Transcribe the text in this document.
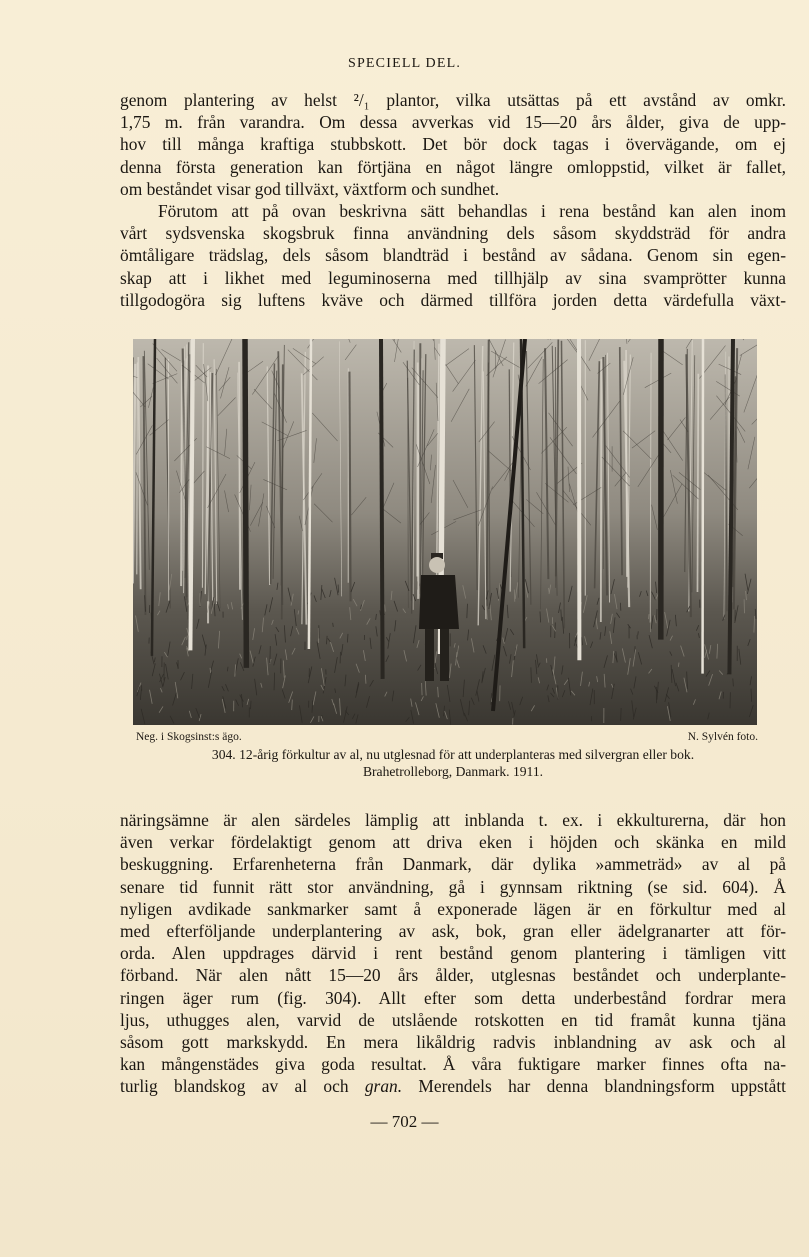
SPECIELL DEL.
genom plantering av helst ²/₁ plantor, vilka utsättas på ett avstånd av omkr.
1,75 m. från varandra. Om dessa avverkas vid 15—20 års ålder, giva de upp-
hov till många kraftiga stubbskott. Det bör dock tagas i övervägande, om ej
denna första generation kan förtjäna en något längre omloppstid, vilket är fallet,
om beståndet visar god tillväxt, växtform och sundhet.
Förutom att på ovan beskrivna sätt behandlas i rena bestånd kan alen inom
vårt sydsvenska skogsbruk finna användning dels såsom skyddsträd för andra
ömtåligare trädslag, dels såsom blandträd i bestånd av sådana. Genom sin egen-
skap att i likhet med leguminoserna med tillhjälp av sina svamprötter kunna
tillgodogöra sig luftens kväve och därmed tillföra jorden detta värdefulla växt-
Neg. i Skogsinst:s ägo.	N. Sylvén foto.
304. 12-årig förkultur av al, nu utglesnad för att underplanteras med silvergran eller bok.
Brahetrolleborg, Danmark. 1911.
näringsämne är alen särdeles lämplig att inblanda t. ex. i ekkulturerna, där hon
även verkar fördelaktigt genom att driva eken i höjden och skänka en mild
beskuggning. Erfarenheterna från Danmark, där dylika »ammeträd» av al på
senare tid funnit rätt stor användning, gå i gynnsam riktning (se sid. 604). Å
nyligen avdikade sankmarker samt å exponerade lägen är en förkultur med al
med efterföljande underplantering av ask, bok, gran eller ädelgranarter att för-
orda. Alen uppdrages därvid i rent bestånd genom plantering i tämligen vitt
förband. När alen nått 15—20 års ålder, utglesnas beståndet och underplante-
ringen äger rum (fig. 304). Allt efter som detta underbestånd fordrar mera
ljus, uthugges alen, varvid de utslående rotskotten en tid framåt kunna tjäna
såsom gott markskydd. En mera likåldrig radvis inblandning av ask och al
kan mångenstädes giva goda resultat. Å våra fuktigare marker finnes ofta na-
turlig blandskog av al och gran. Merendels har denna blandningsform uppstått
— 702 —
